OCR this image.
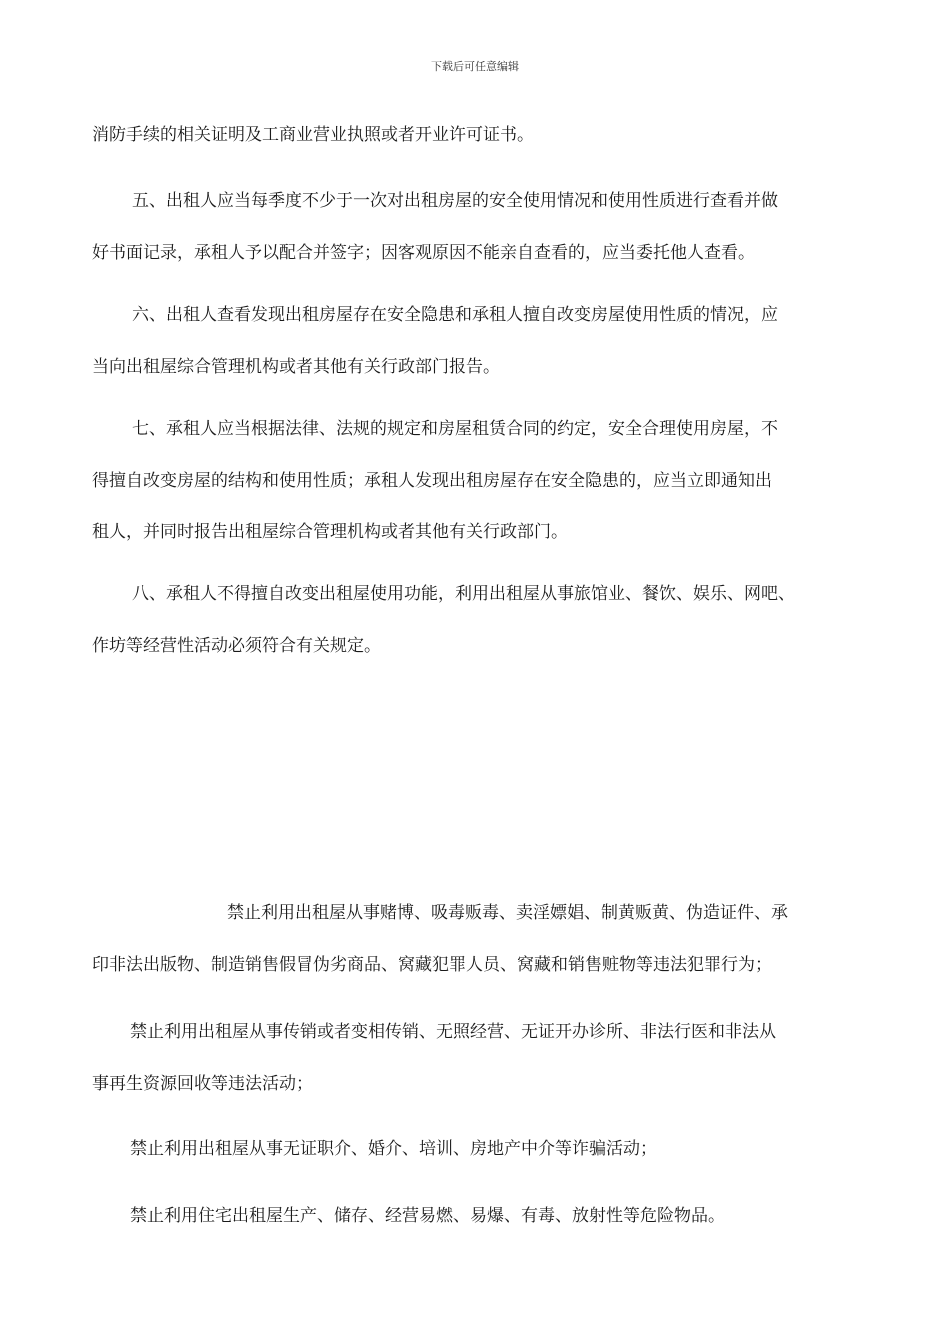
下载后可任意编辑
消防手续的相关证明及工商业营业执照或者开业许可证书。
五、出租人应当每季度不少于一次对出租房屋的安全使用情况和使用性质进行查看并做
好书面记录，承租人予以配合并签字；因客观原因不能亲自查看的，应当委托他人查看。
六、出租人查看发现出租房屋存在安全隐患和承租人擅自改变房屋使用性质的情况，应
当向出租屋综合管理机构或者其他有关行政部门报告。
七、承租人应当根据法律、法规的规定和房屋租赁合同的约定，安全合理使用房屋，不
得擅自改变房屋的结构和使用性质；承租人发现出租房屋存在安全隐患的，应当立即通知出
租人，并同时报告出租屋综合管理机构或者其他有关行政部门。
八、承租人不得擅自改变出租屋使用功能，利用出租屋从事旅馆业、餐饮、娱乐、网吧、
作坊等经营性活动必须符合有关规定。
禁止利用出租屋从事赌博、吸毒贩毒、卖淫嫖娼、制黄贩黄、伪造证件、承
印非法出版物、制造销售假冒伪劣商品、窝藏犯罪人员、窝藏和销售赃物等违法犯罪行为；
禁止利用出租屋从事传销或者变相传销、无照经营、无证开办诊所、非法行医和非法从
事再生资源回收等违法活动；
禁止利用出租屋从事无证职介、婚介、培训、房地产中介等诈骗活动；
禁止利用住宅出租屋生产、储存、经营易燃、易爆、有毒、放射性等危险物品。
